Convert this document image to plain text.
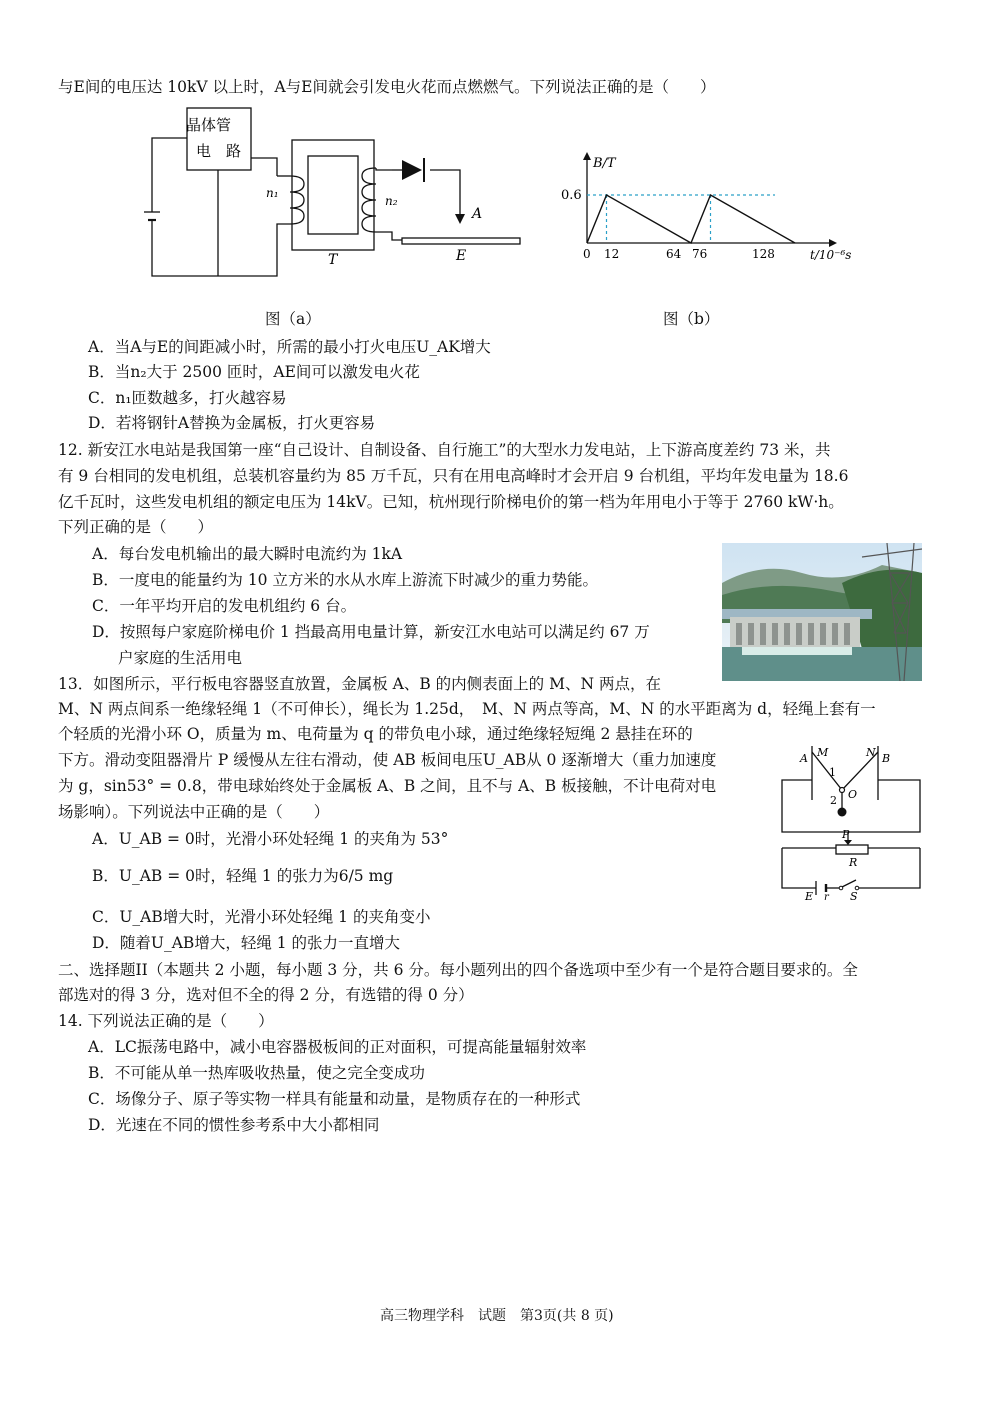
与E间的电压达 10kV 以上时，A与E间就会引发电火花而点燃燃气。下列说法正确的是（　　）
晶体管
电　路
n₁
n₂
A
E
T
B/T
t/10⁻⁶s
0.6
0 12	64 76	128
图（a）	图（b）
A．当A与E的间距减小时，所需的最小打火电压U_AK增大
B．当n₂大于 2500 匝时，AE间可以激发电火花
C．n₁匝数越多，打火越容易
D．若将钢针A替换为金属板，打火更容易
12. 新安江水电站是我国第一座“自己设计、自制设备、自行施工”的大型水力发电站，上下游高度差约 73 米，共
有 9 台相同的发电机组，总装机容量约为 85 万千瓦，只有在用电高峰时才会开启 9 台机组，平均年发电量为 18.6
亿千瓦时，这些发电机组的额定电压为 14kV。已知，杭州现行阶梯电价的第一档为年用电小于等于 2760 kW·h。
下列正确的是（　　）
A．每台发电机输出的最大瞬时电流约为 1kA
B．一度电的能量约为 10 立方米的水从水库上游流下时减少的重力势能。
C．一年平均开启的发电机组约 6 台。
D．按照每户家庭阶梯电价 1 挡最高用电量计算，新安江水电站可以满足约 67 万
户家庭的生活用电
13．如图所示，平行板电容器竖直放置，金属板 A、B 的内侧表面上的 M、N 两点，在
M、N 两点间系一绝缘轻绳 1（不可伸长），绳长为 1.25d，　M、N 两点等高，M、N 的水平距离为 d，轻绳上套有一
个轻质的光滑小环 O，质量为 m、电荷量为 q 的带负电小球，通过绝缘轻短绳 2 悬挂在环的
下方。滑动变阻器滑片 P 缓慢从左往右滑动，使 AB 板间电压U_AB从 0 逐渐增大（重力加速度
为 g，sin53° = 0.8，带电球始终处于金属板 A、B 之间，且不与 A、B 板接触，不计电荷对电
场影响）。下列说法中正确的是（　　）
A．U_AB = 0时，光滑小环处轻绳 1 的夹角为 53°
B．U_AB = 0时，轻绳 1 的张力为6/5 mg
C．U_AB增大时，光滑小环处轻绳 1 的夹角变小
D．随着U_AB增大，轻绳 1 的张力一直增大
A	B
M	N
1
2 O
P
R
E r S
二、选择题II（本题共 2 小题，每小题 3 分，共 6 分。每小题列出的四个备选项中至少有一个是符合题目要求的。全
部选对的得 3 分，选对但不全的得 2 分，有选错的得 0 分）
14. 下列说法正确的是（　　）
A．LC振荡电路中，减小电容器极板间的正对面积，可提高能量辐射效率
B．不可能从单一热库吸收热量，使之完全变成功
C．场像分子、原子等实物一样具有能量和动量，是物质存在的一种形式
D．光速在不同的惯性参考系中大小都相同
高三物理学科　试题　第3页(共 8 页)
